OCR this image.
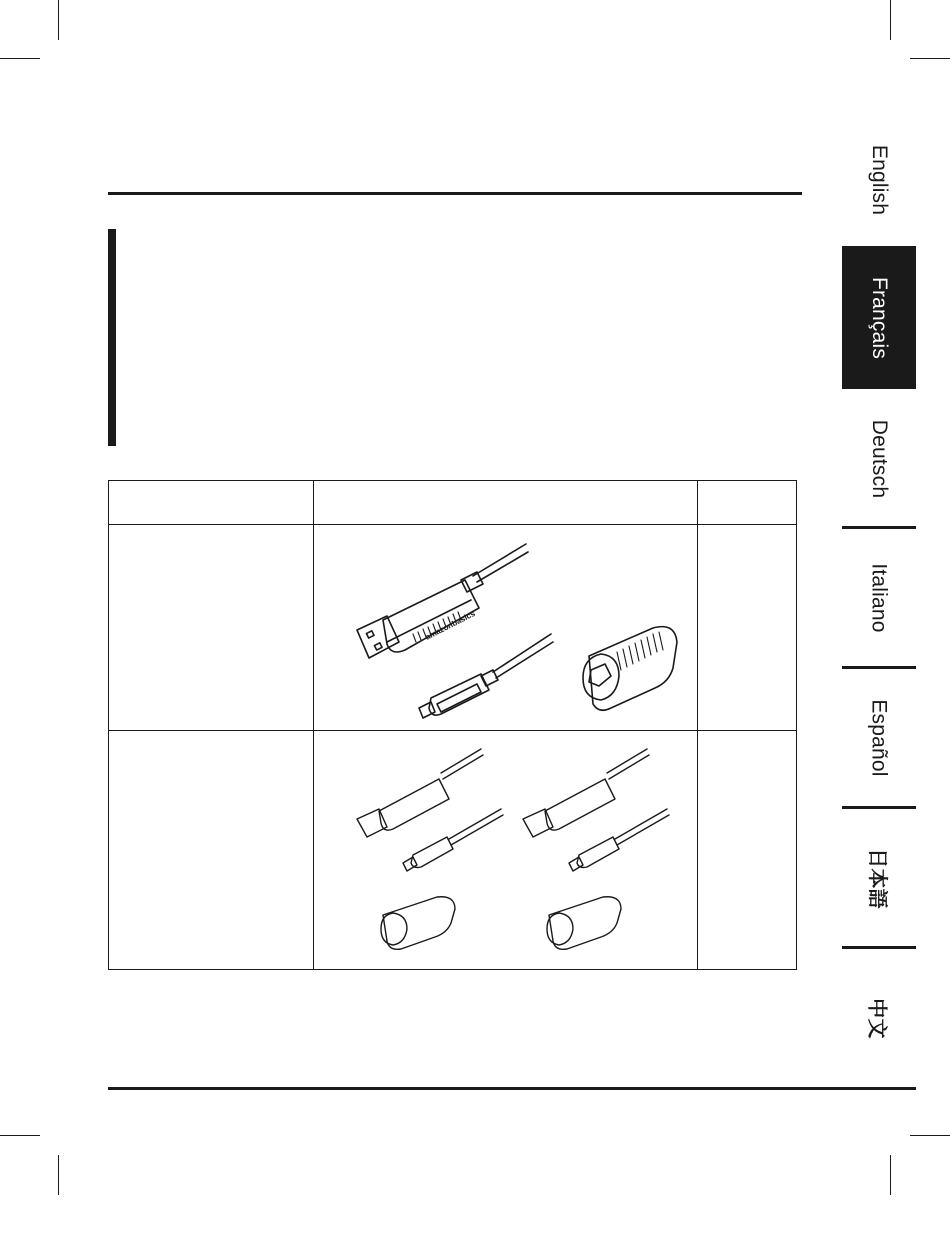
English
Français
Deutsch
Italiano
Español
日本語
中文

amazonbasics	
